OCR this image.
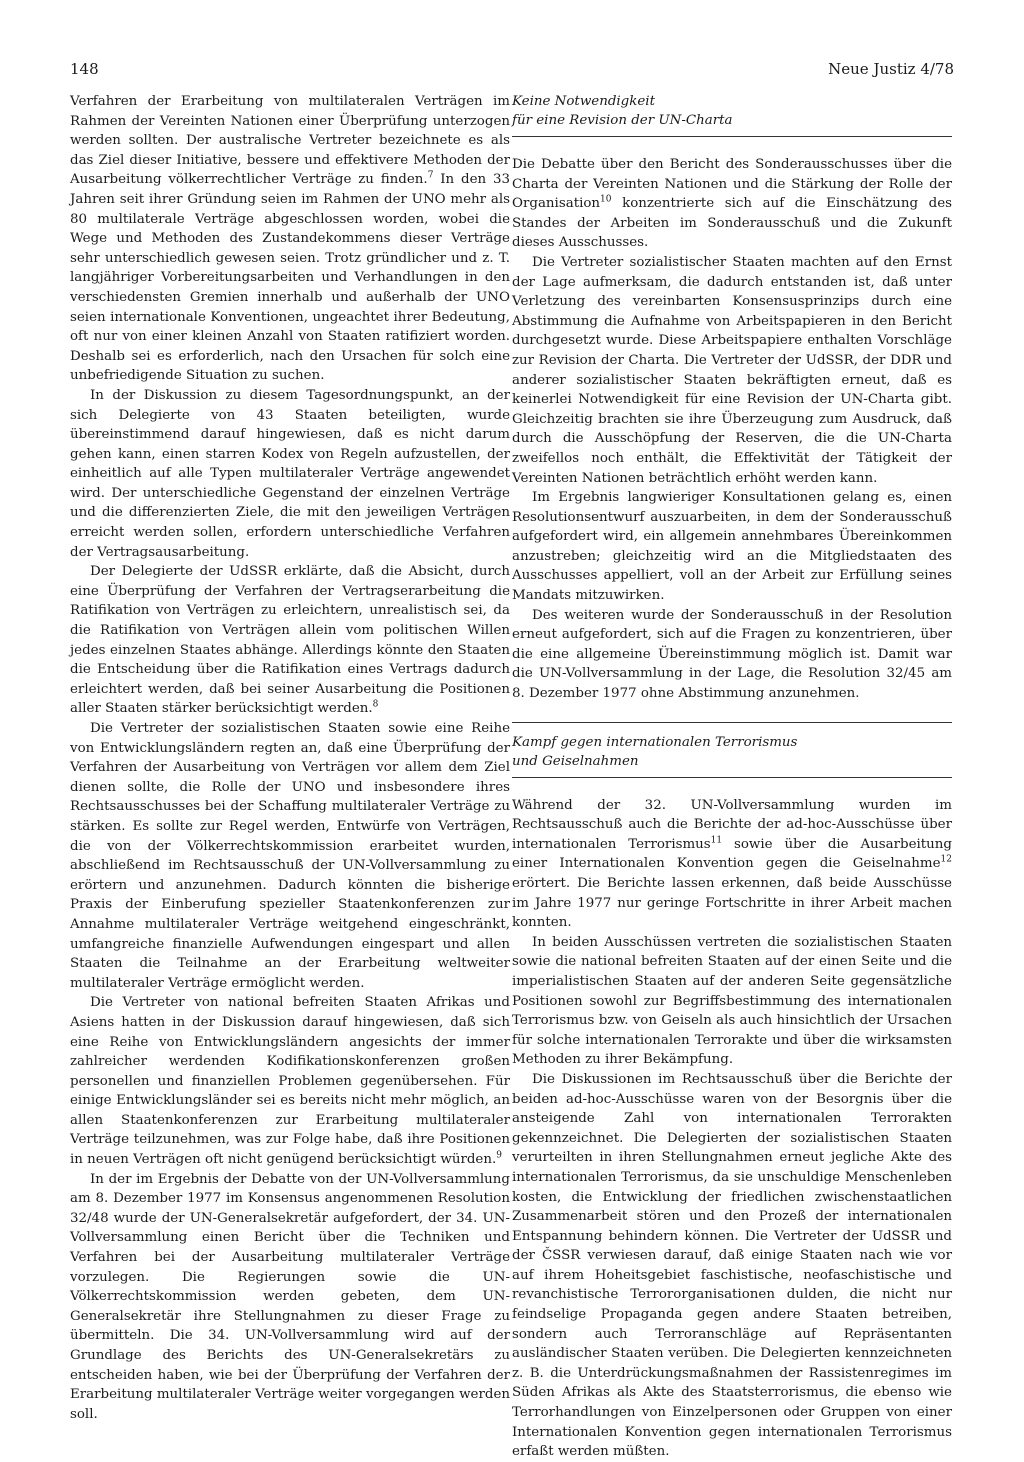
148	Neue Justiz 4/78

Verfahren der Erarbeitung von multilateralen Verträgen im Rahmen der Vereinten Nationen einer Überprüfung unterzogen werden sollten. Der australische Vertreter bezeichnete es als das Ziel dieser Initiative, bessere und effektivere Methoden der Ausarbeitung völkerrechtlicher Verträge zu finden.$^7$ In den 33 Jahren seit ihrer Gründung seien im Rahmen der UNO mehr als 80 multilaterale Verträge abgeschlossen worden, wobei die Wege und Methoden des Zustandekommens dieser Verträge sehr unterschiedlich gewesen seien. Trotz gründlicher und z. T. langjähriger Vorbereitungsarbeiten und Verhandlungen in den verschiedensten Gremien innerhalb und außerhalb der UNO seien internationale Konventionen, ungeachtet ihrer Bedeutung, oft nur von einer kleinen Anzahl von Staaten ratifiziert worden. Deshalb sei es erforderlich, nach den Ursachen für solch eine unbefriedigende Situation zu suchen.

In der Diskussion zu diesem Tagesordnungspunkt, an der sich Delegierte von 43 Staaten beteiligten, wurde übereinstimmend darauf hingewiesen, daß es nicht darum gehen kann, einen starren Kodex von Regeln aufzustellen, der einheitlich auf alle Typen multilateraler Verträge angewendet wird. Der unterschiedliche Gegenstand der einzelnen Verträge und die differenzierten Ziele, die mit den jeweiligen Verträgen erreicht werden sollen, erfordern unterschiedliche Verfahren der Vertragsausarbeitung.

Der Delegierte der UdSSR erklärte, daß die Absicht, durch eine Überprüfung der Verfahren der Vertragserarbeitung die Ratifikation von Verträgen zu erleichtern, unrealistisch sei, da die Ratifikation von Verträgen allein vom politischen Willen jedes einzelnen Staates abhänge. Allerdings könnte den Staaten die Entscheidung über die Ratifikation eines Vertrags dadurch erleichtert werden, daß bei seiner Ausarbeitung die Positionen aller Staaten stärker berücksichtigt werden.$^8$

Die Vertreter der sozialistischen Staaten sowie eine Reihe von Entwicklungsländern regten an, daß eine Überprüfung der Verfahren der Ausarbeitung von Verträgen vor allem dem Ziel dienen sollte, die Rolle der UNO und insbesondere ihres Rechtsausschusses bei der Schaffung multilateraler Verträge zu stärken. Es sollte zur Regel werden, Entwürfe von Verträgen, die von der Völkerrechtskommission erarbeitet wurden, abschließend im Rechtsausschuß der UN-Vollversammlung zu erörtern und anzunehmen. Dadurch könnten die bisherige Praxis der Einberufung spezieller Staatenkonferenzen zur Annahme multilateraler Verträge weitgehend eingeschränkt, umfangreiche finanzielle Aufwendungen eingespart und allen Staaten die Teilnahme an der Erarbeitung weltweiter multilateraler Verträge ermöglicht werden.

Die Vertreter von national befreiten Staaten Afrikas und Asiens hatten in der Diskussion darauf hingewiesen, daß sich eine Reihe von Entwicklungsländern angesichts der immer zahlreicher werdenden Kodifikationskonferenzen großen personellen und finanziellen Problemen gegenübersehen. Für einige Entwicklungsländer sei es bereits nicht mehr möglich, an allen Staatenkonferenzen zur Erarbeitung multilateraler Verträge teilzunehmen, was zur Folge habe, daß ihre Positionen in neuen Verträgen oft nicht genügend berücksichtigt würden.$^9$

In der im Ergebnis der Debatte von der UN-Vollversammlung am 8. Dezember 1977 im Konsensus angenommenen Resolution 32/48 wurde der UN-Generalsekretär aufgefordert, der 34. UN-Vollversammlung einen Bericht über die Techniken und Verfahren bei der Ausarbeitung multilateraler Verträge vorzulegen. Die Regierungen sowie die UN-Völkerrechtskommission werden gebeten, dem UN-Generalsekretär ihre Stellungnahmen zu dieser Frage zu übermitteln. Die 34. UN-Vollversammlung wird auf der Grundlage des Berichts des UN-Generalsekretärs zu entscheiden haben, wie bei der Überprüfung der Verfahren der Erarbeitung multilateraler Verträge weiter vorgegangen werden soll.

Keine Notwendigkeit
für eine Revision der UN-Charta

Die Debatte über den Bericht des Sonderausschusses über die Charta der Vereinten Nationen und die Stärkung der Rolle der Organisation$^{10}$ konzentrierte sich auf die Einschätzung des Standes der Arbeiten im Sonderausschuß und die Zukunft dieses Ausschusses.

Die Vertreter sozialistischer Staaten machten auf den Ernst der Lage aufmerksam, die dadurch entstanden ist, daß unter Verletzung des vereinbarten Konsensusprinzips durch eine Abstimmung die Aufnahme von Arbeitspapieren in den Bericht durchgesetzt wurde. Diese Arbeitspapiere enthalten Vorschläge zur Revision der Charta. Die Vertreter der UdSSR, der DDR und anderer sozialistischer Staaten bekräftigten erneut, daß es keinerlei Notwendigkeit für eine Revision der UN-Charta gibt. Gleichzeitig brachten sie ihre Überzeugung zum Ausdruck, daß durch die Ausschöpfung der Reserven, die die UN-Charta zweifellos noch enthält, die Effektivität der Tätigkeit der Vereinten Nationen beträchtlich erhöht werden kann.

Im Ergebnis langwieriger Konsultationen gelang es, einen Resolutionsentwurf auszuarbeiten, in dem der Sonderausschuß aufgefordert wird, ein allgemein annehmbares Übereinkommen anzustreben; gleichzeitig wird an die Mitgliedstaaten des Ausschusses appelliert, voll an der Arbeit zur Erfüllung seines Mandats mitzuwirken.

Des weiteren wurde der Sonderausschuß in der Resolution erneut aufgefordert, sich auf die Fragen zu konzentrieren, über die eine allgemeine Übereinstimmung möglich ist. Damit war die UN-Vollversammlung in der Lage, die Resolution 32/45 am 8. Dezember 1977 ohne Abstimmung anzunehmen.

Kampf gegen internationalen Terrorismus
und Geiselnahmen

Während der 32. UN-Vollversammlung wurden im Rechtsausschuß auch die Berichte der ad-hoc-Ausschüsse über internationalen Terrorismus$^{11}$ sowie über die Ausarbeitung einer Internationalen Konvention gegen die Geiselnahme$^{12}$ erörtert. Die Berichte lassen erkennen, daß beide Ausschüsse im Jahre 1977 nur geringe Fortschritte in ihrer Arbeit machen konnten.

In beiden Ausschüssen vertreten die sozialistischen Staaten sowie die national befreiten Staaten auf der einen Seite und die imperialistischen Staaten auf der anderen Seite gegensätzliche Positionen sowohl zur Begriffsbestimmung des internationalen Terrorismus bzw. von Geiseln als auch hinsichtlich der Ursachen für solche internationalen Terrorakte und über die wirksamsten Methoden zu ihrer Bekämpfung.

Die Diskussionen im Rechtsausschuß über die Berichte der beiden ad-hoc-Ausschüsse waren von der Besorgnis über die ansteigende Zahl von internationalen Terrorakten gekennzeichnet. Die Delegierten der sozialistischen Staaten verurteilten in ihren Stellungnahmen erneut jegliche Akte des internationalen Terrorismus, da sie unschuldige Menschenleben kosten, die Entwicklung der friedlichen zwischenstaatlichen Zusammenarbeit stören und den Prozeß der internationalen Entspannung behindern können. Die Vertreter der UdSSR und der ČSSR verwiesen darauf, daß einige Staaten nach wie vor auf ihrem Hoheitsgebiet faschistische, neofaschistische und revanchistische Terrororganisationen dulden, die nicht nur feindselige Propaganda gegen andere Staaten betreiben, sondern auch Terroranschläge auf Repräsentanten ausländischer Staaten verüben. Die Delegierten kennzeichneten z. B. die Unterdrückungsmaßnahmen der Rassistenregimes im Süden Afrikas als Akte des Staatsterrorismus, die ebenso wie Terrorhandlungen von Einzelpersonen oder Gruppen von einer Internationalen Konvention gegen internationalen Terrorismus erfaßt werden müßten.
